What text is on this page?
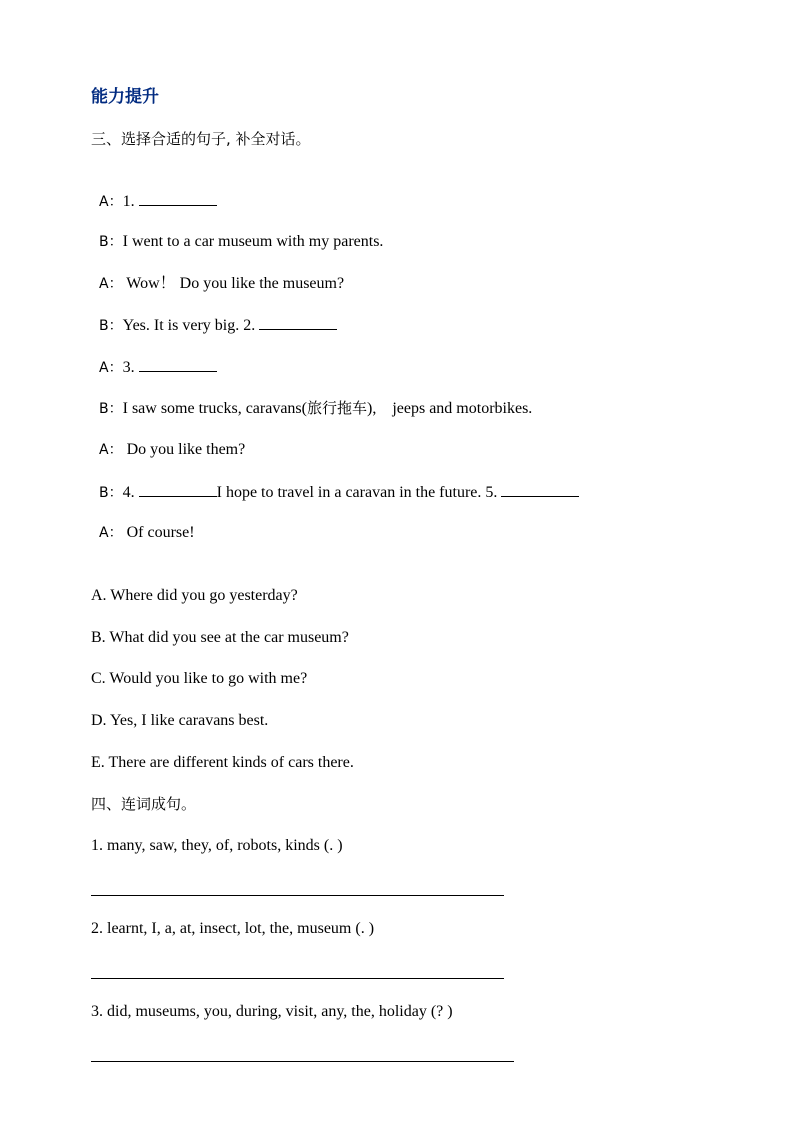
能力提升
三、选择合适的句子, 补全对话。

A：1.

B：I went to a car museum with my parents.

A： Wow！ Do you like the museum?

B：Yes. It is very big. 2.

A：3.

B：I saw some trucks, caravans(旅行拖车),    jeeps and motorbikes.

A： Do you like them?

B：4.	I hope to travel in a caravan in the future. 5.

A： Of course!

A. Where did you go yesterday?
B. What did you see at the car museum?
C. Would you like to go with me?
D. Yes, I like caravans best.
E. There are different kinds of cars there.
四、连词成句。
1. many, saw, they, of, robots, kinds (. )
2. learnt, I, a, at, insect, lot, the, museum (. )
3. did, museums, you, during, visit, any, the, holiday (? )
